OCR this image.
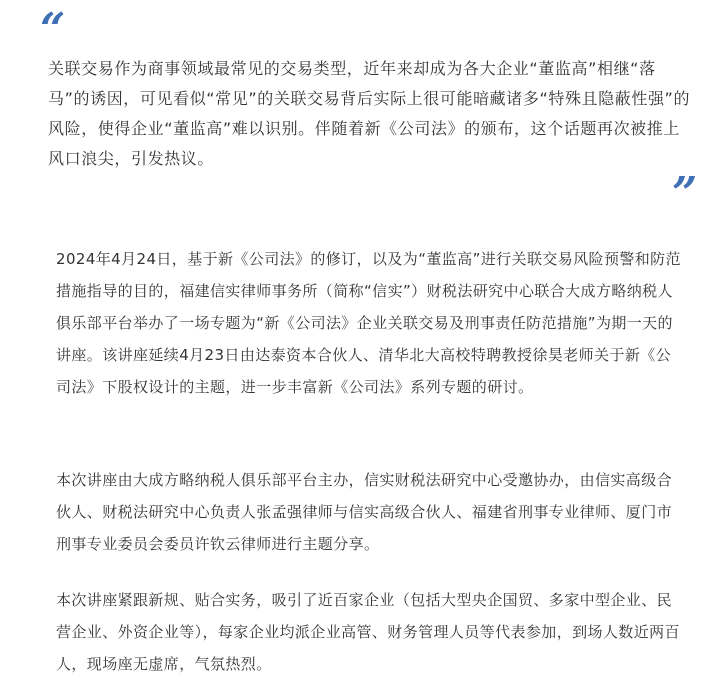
“

关联交易作为商事领域最常见的交易类型，近年来却成为各大企业“董监高”相继“落马”的诱因，可见看似“常见”的关联交易背后实际上很可能暗藏诸多“特殊且隐蔽性强”的风险，使得企业“董监高”难以识别。伴随着新《公司法》的颁布，这个话题再次被推上风口浪尖，引发热议。

”

2024年4月24日，基于新《公司法》的修订，以及为“董监高”进行关联交易风险预警和防范措施指导的目的，福建信实律师事务所（简称“信实”）财税法研究中心联合大成方略纳税人俱乐部平台举办了一场专题为“新《公司法》企业关联交易及刑事责任防范措施”为期一天的讲座。该讲座延续4月23日由达泰资本合伙人、清华北大高校特聘教授徐昊老师关于新《公司法》下股权设计的主题，进一步丰富新《公司法》系列专题的研讨。

本次讲座由大成方略纳税人俱乐部平台主办，信实财税法研究中心受邀协办，由信实高级合伙人、财税法研究中心负责人张孟强律师与信实高级合伙人、福建省刑事专业律师、厦门市刑事专业委员会委员许钦云律师进行主题分享。

本次讲座紧跟新规、贴合实务，吸引了近百家企业（包括大型央企国贸、多家中型企业、民营企业、外资企业等），每家企业均派企业高管、财务管理人员等代表参加，到场人数近两百人，现场座无虚席，气氛热烈。
